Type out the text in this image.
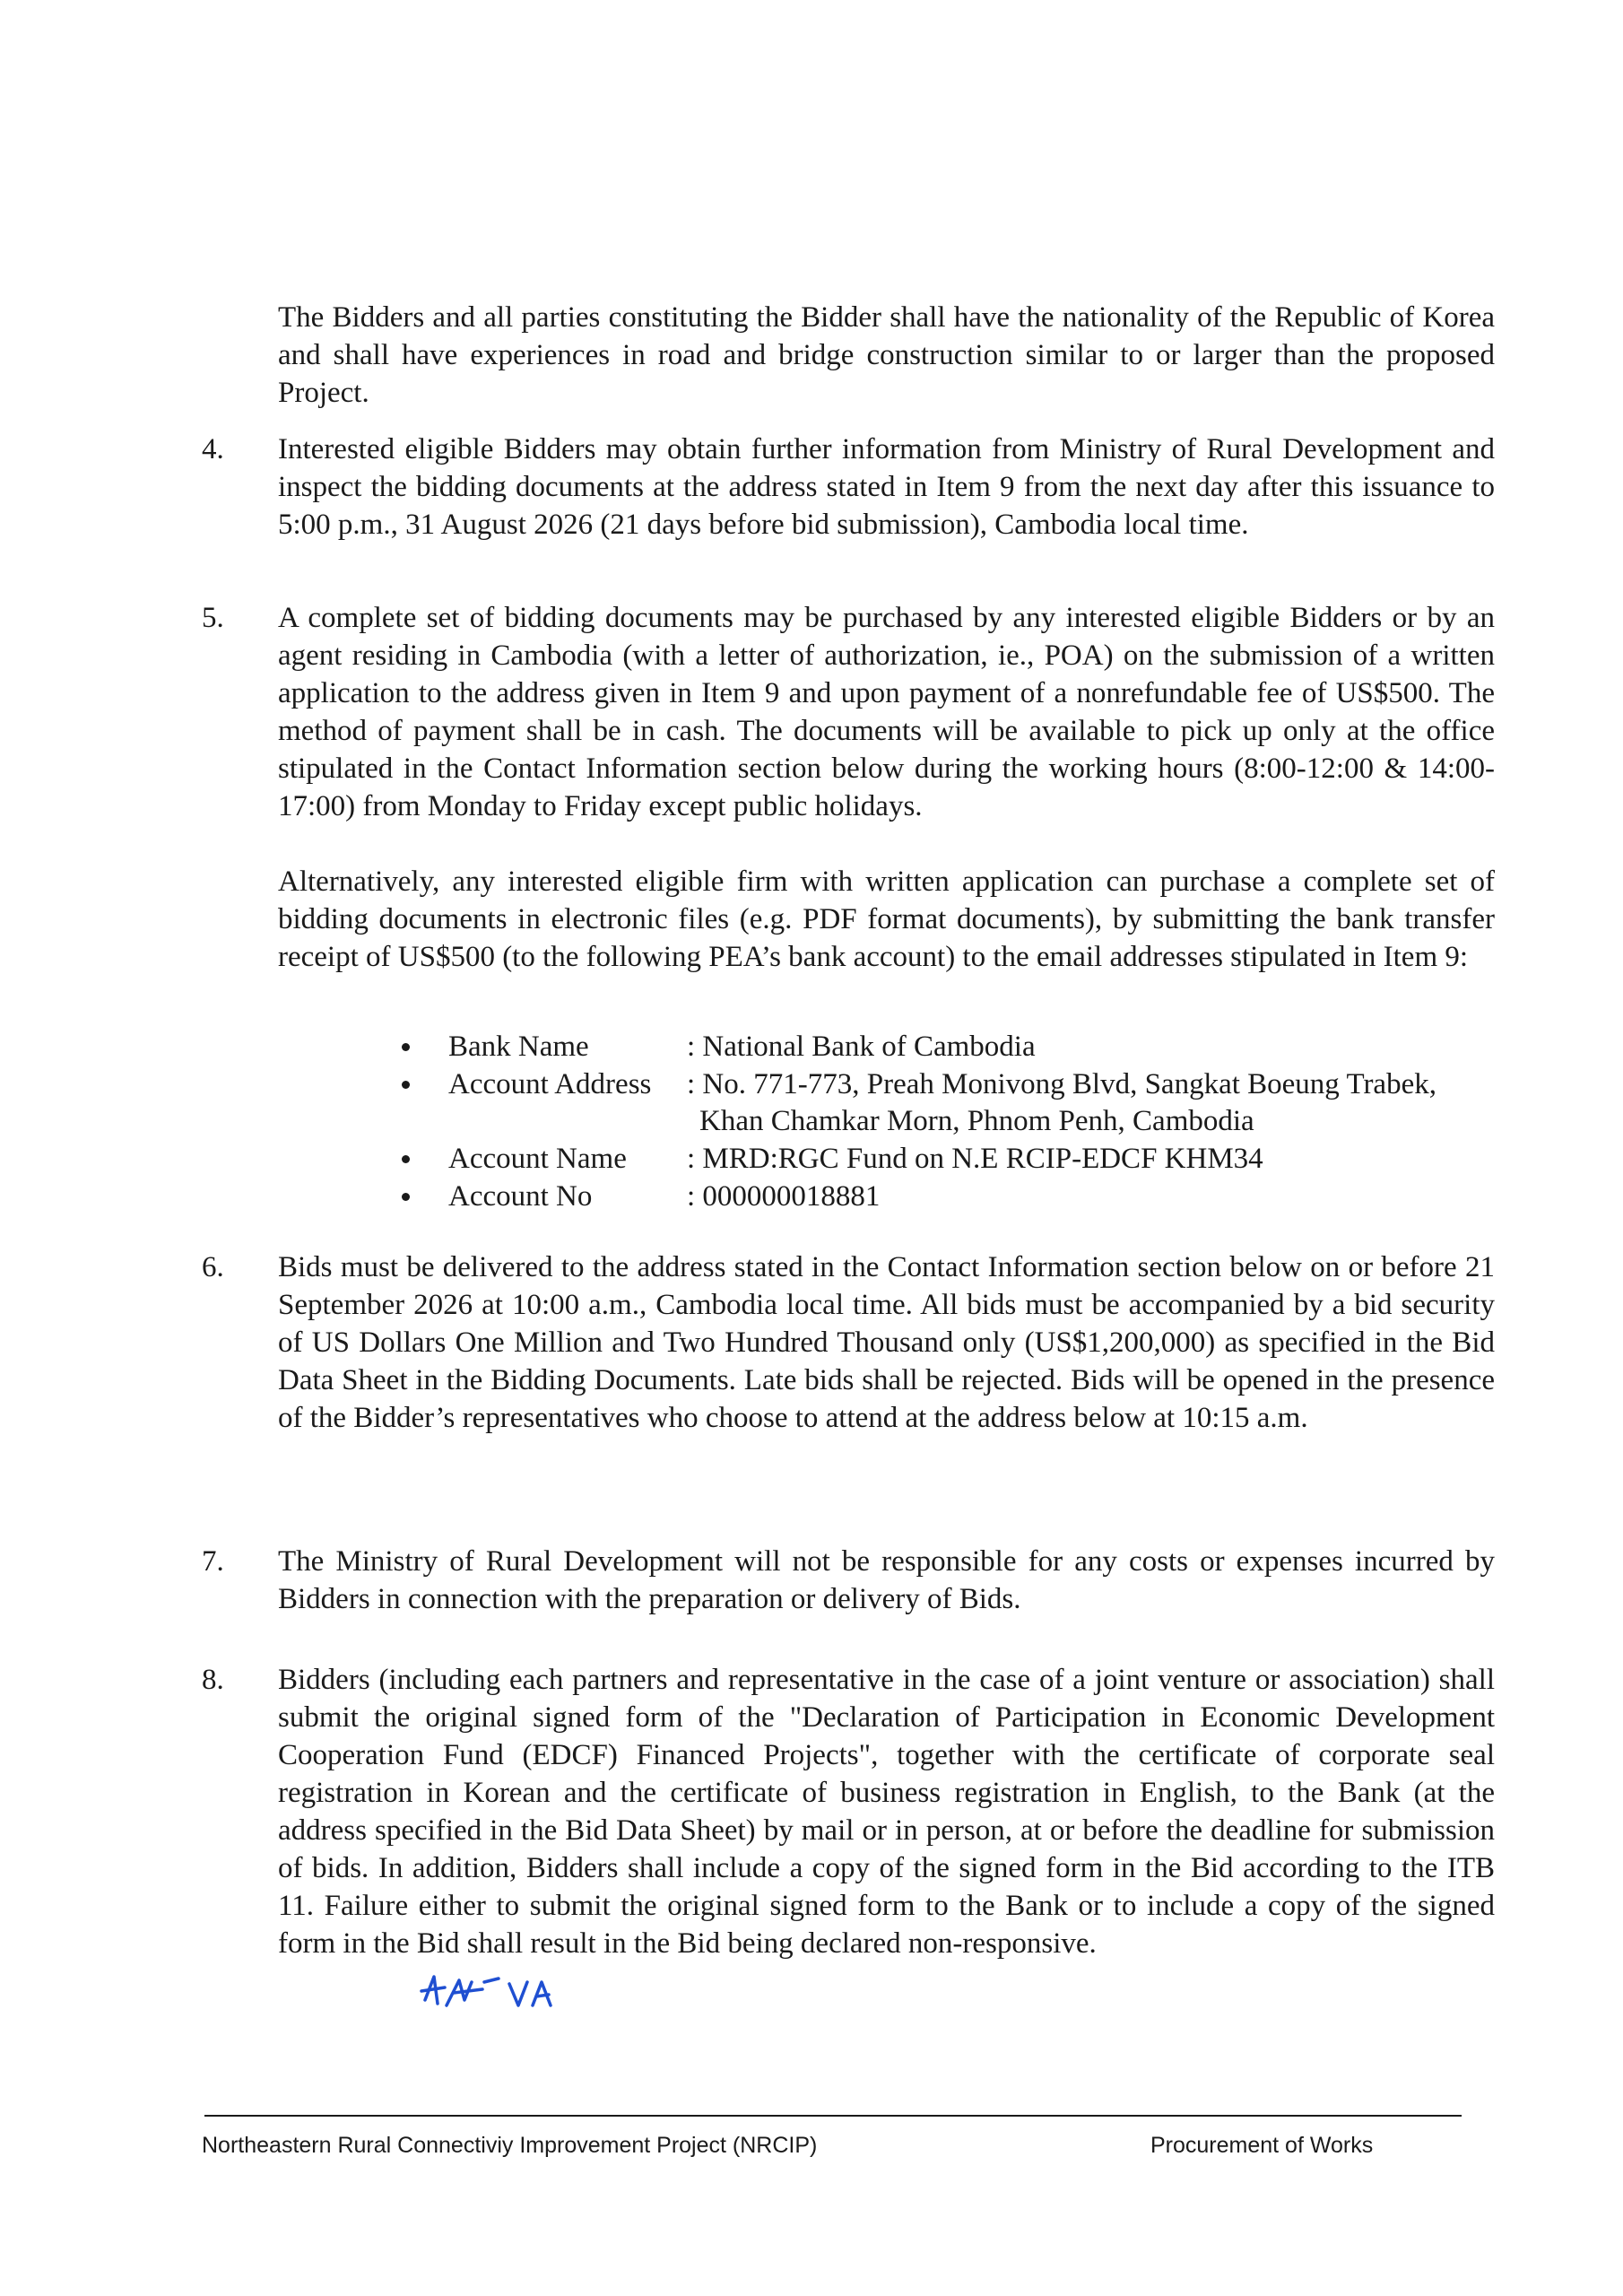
The Bidders and all parties constituting the Bidder shall have the nationality of the Republic of Korea and shall have experiences in road and bridge construction similar to or larger than the proposed Project.

4. Interested eligible Bidders may obtain further information from Ministry of Rural Development and inspect the bidding documents at the address stated in Item 9 from the next day after this issuance to 5:00 p.m., 31 August 2026 (21 days before bid submission), Cambodia local time.

5. A complete set of bidding documents may be purchased by any interested eligible Bidders or by an agent residing in Cambodia (with a letter of authorization, ie., POA) on the submission of a written application to the address given in Item 9 and upon payment of a nonrefundable fee of US$500. The method of payment shall be in cash. The documents will be available to pick up only at the office stipulated in the Contact Information section below during the working hours (8:00-12:00 & 14:00-17:00) from Monday to Friday except public holidays.

Alternatively, any interested eligible firm with written application can purchase a complete set of bidding documents in electronic files (e.g. PDF format documents), by submitting the bank transfer receipt of US$500 (to the following PEA’s bank account) to the email addresses stipulated in Item 9:

Bank Name	: National Bank of Cambodia
Account Address : No. 771-773, Preah Monivong Blvd, Sangkat Boeung Trabek,
Khan Chamkar Morn, Phnom Penh, Cambodia
Account Name : MRD:RGC Fund on N.E RCIP-EDCF KHM34
Account No	: 000000018881
6. Bids must be delivered to the address stated in the Contact Information section below on or before 21 September 2026 at 10:00 a.m., Cambodia local time. All bids must be accompanied by a bid security of US Dollars One Million and Two Hundred Thousand only (US$1,200,000) as specified in the Bid Data Sheet in the Bidding Documents. Late bids shall be rejected. Bids will be opened in the presence of the Bidder’s representatives who choose to attend at the address below at 10:15 a.m.

7. The Ministry of Rural Development will not be responsible for any costs or expenses incurred by Bidders in connection with the preparation or delivery of Bids.

8. Bidders (including each partners and representative in the case of a joint venture or association) shall submit the original signed form of the "Declaration of Participation in Economic Development Cooperation Fund (EDCF) Financed Projects", together with the certificate of corporate seal registration in Korean and the certificate of business registration in English, to the Bank (at the address specified in the Bid Data Sheet) by mail or in person, at or before the deadline for submission of bids. In addition, Bidders shall include a copy of the signed form in the Bid according to the ITB 11. Failure either to submit the original signed form to the Bank or to include a copy of the signed form in the Bid shall result in the Bid being declared non-responsive.

Northeastern Rural Connectiviy Improvement Project (NRCIP)	Procurement of Works
